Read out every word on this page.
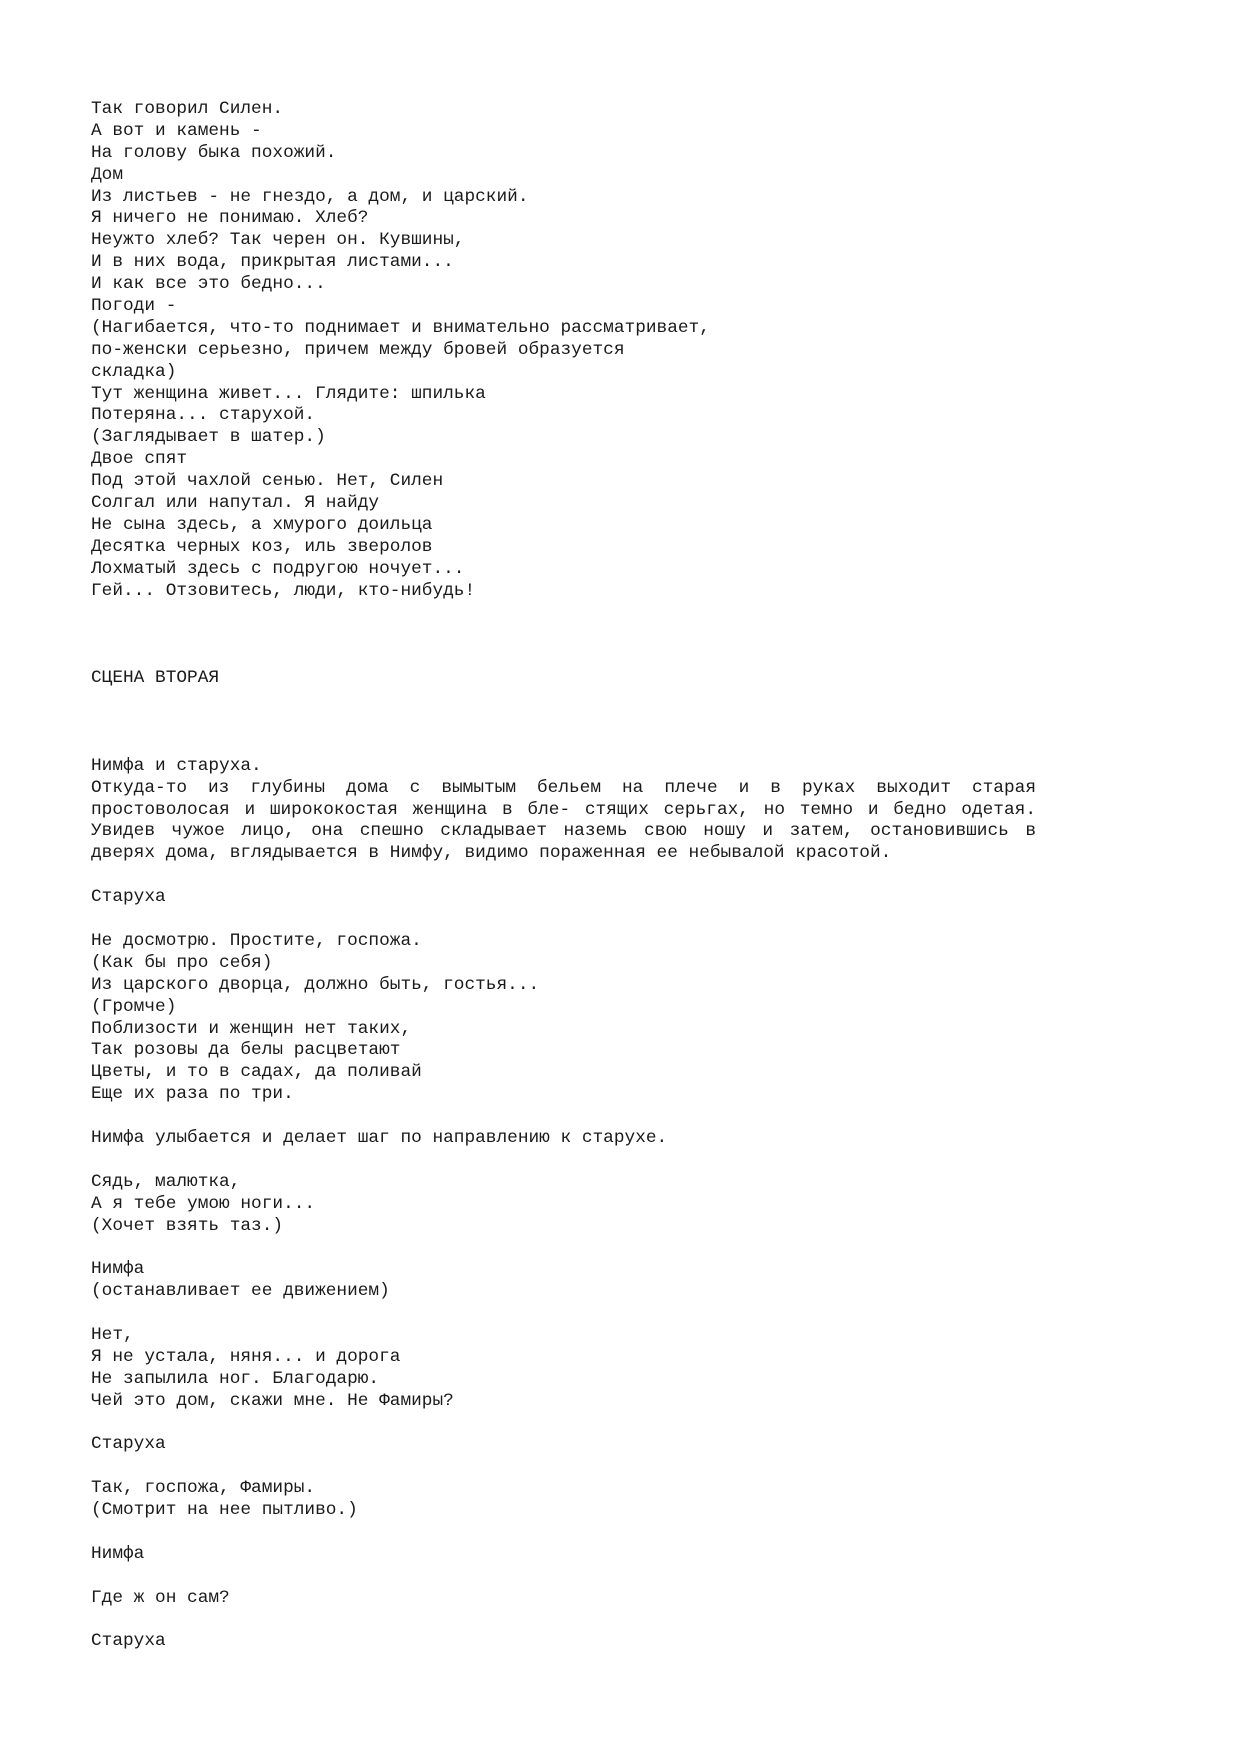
Так говорил Силен.
А вот и камень -
На голову быка похожий.
Дом
Из листьев - не гнездо, а дом, и царский.
Я ничего не понимаю. Хлеб?
Неужто хлеб? Так черен он. Кувшины,
И в них вода, прикрытая листами...
И как все это бедно...
Погоди -
(Нагибается, что-то поднимает и внимательно рассматривает,
по-женски серьезно, причем между бровей образуется
складка)
Тут женщина живет... Глядите: шпилька
Потеряна... старухой.
(Заглядывает в шатер.)
Двое спят
Под этой чахлой сенью. Нет, Силен
Солгал или напутал. Я найду
Не сына здесь, а хмурого доильца
Десятка черных коз, иль зверолов
Лохматый здесь с подругою ночует...
Гей... Отзовитесь, люди, кто-нибудь!
СЦЕНА ВТОРАЯ
Нимфа и старуха.
Откуда-то из глубины дома с вымытым бельем на плече и в руках выходит старая простоволосая и ширококостая женщина в бле- стящих серьгах, но темно и бедно одетая. Увидев чужое лицо, она спешно складывает наземь свою ношу и затем, остановившись в дверях дома, вглядывается в Нимфу, видимо пораженная ее небывалой красотой.
Старуха
Не досмотрю. Простите, госпожа.
(Как бы про себя)
Из царского дворца, должно быть, гостья...
(Громче)
Поблизости и женщин нет таких,
Так розовы да белы расцветают
Цветы, и то в садах, да поливай
Еще их раза по три.
Нимфа улыбается и делает шаг по направлению к старухе.
Сядь, малютка,
А я тебе умою ноги...
(Хочет взять таз.)
Нимфа
(останавливает ее движением)
Нет,
Я не устала, няня... и дорога
Не запылила ног. Благодарю.
Чей это дом, скажи мне. Не Фамиры?
Старуха
Так, госпожа, Фамиры.
(Смотрит на нее пытливо.)
Нимфа
Где ж он сам?
Старуха
